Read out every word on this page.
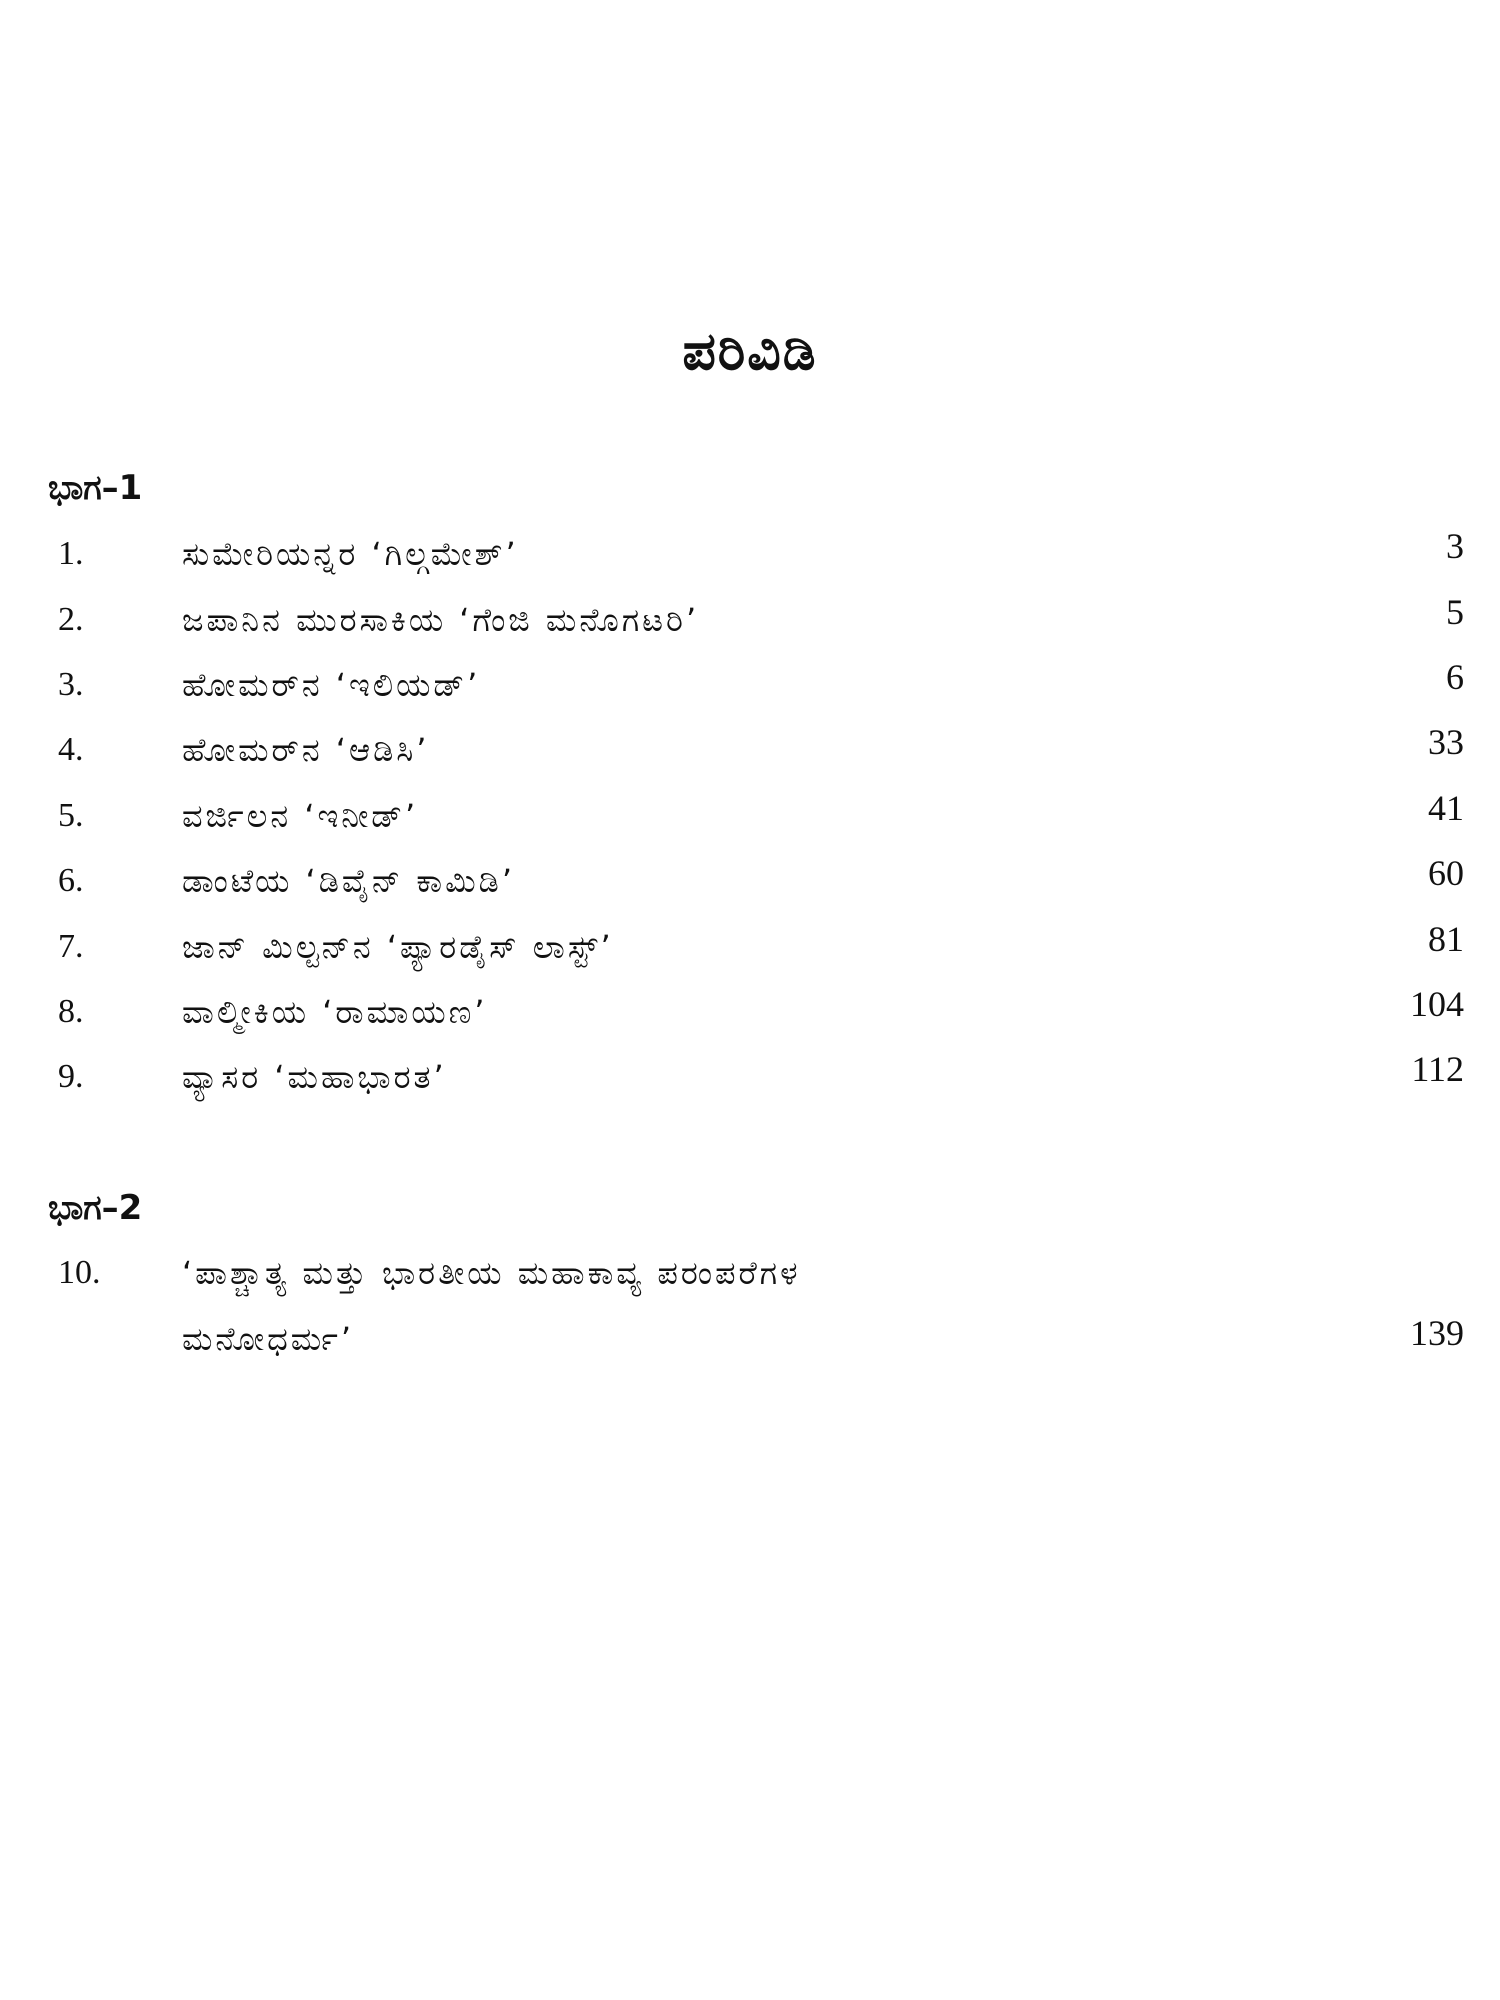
ಪರಿವಿಡಿ
ಭಾಗ–1
1.	ಸುಮೇರಿಯನ್ನರ ‘ಗಿಲ್ಗಮೇಶ್’	3
2.	ಜಪಾನಿನ ಮುರಸಾಕಿಯ ‘ಗೆಂಜಿ ಮನೊಗಟರಿ’	5
3.	ಹೋಮರ್‌ನ ‘ಇಲಿಯಡ್’	6
4.	ಹೋಮರ್‌ನ ‘ಆಡಿಸಿ’	33
5.	ವರ್ಜಿಲನ ‘ಇನೀಡ್’	41
6.	ಡಾಂಟೆಯ ‘ಡಿವೈನ್ ಕಾಮಿಡಿ’	60
7.	ಜಾನ್ ಮಿಲ್ಟನ್‌ನ ‘ಪ್ಯಾರಡೈಸ್ ಲಾಸ್ಟ್’	81
8.	ವಾಲ್ಮೀಕಿಯ ‘ರಾಮಾಯಣ’	104
9.	ವ್ಯಾಸರ ‘ಮಹಾಭಾರತ’	112
ಭಾಗ–2
10.	‘ಪಾಶ್ಚಾತ್ಯ ಮತ್ತು ಭಾರತೀಯ ಮಹಾಕಾವ್ಯ ಪರಂಪರೆಗಳ
ಮನೋಧರ್ಮ’	139
